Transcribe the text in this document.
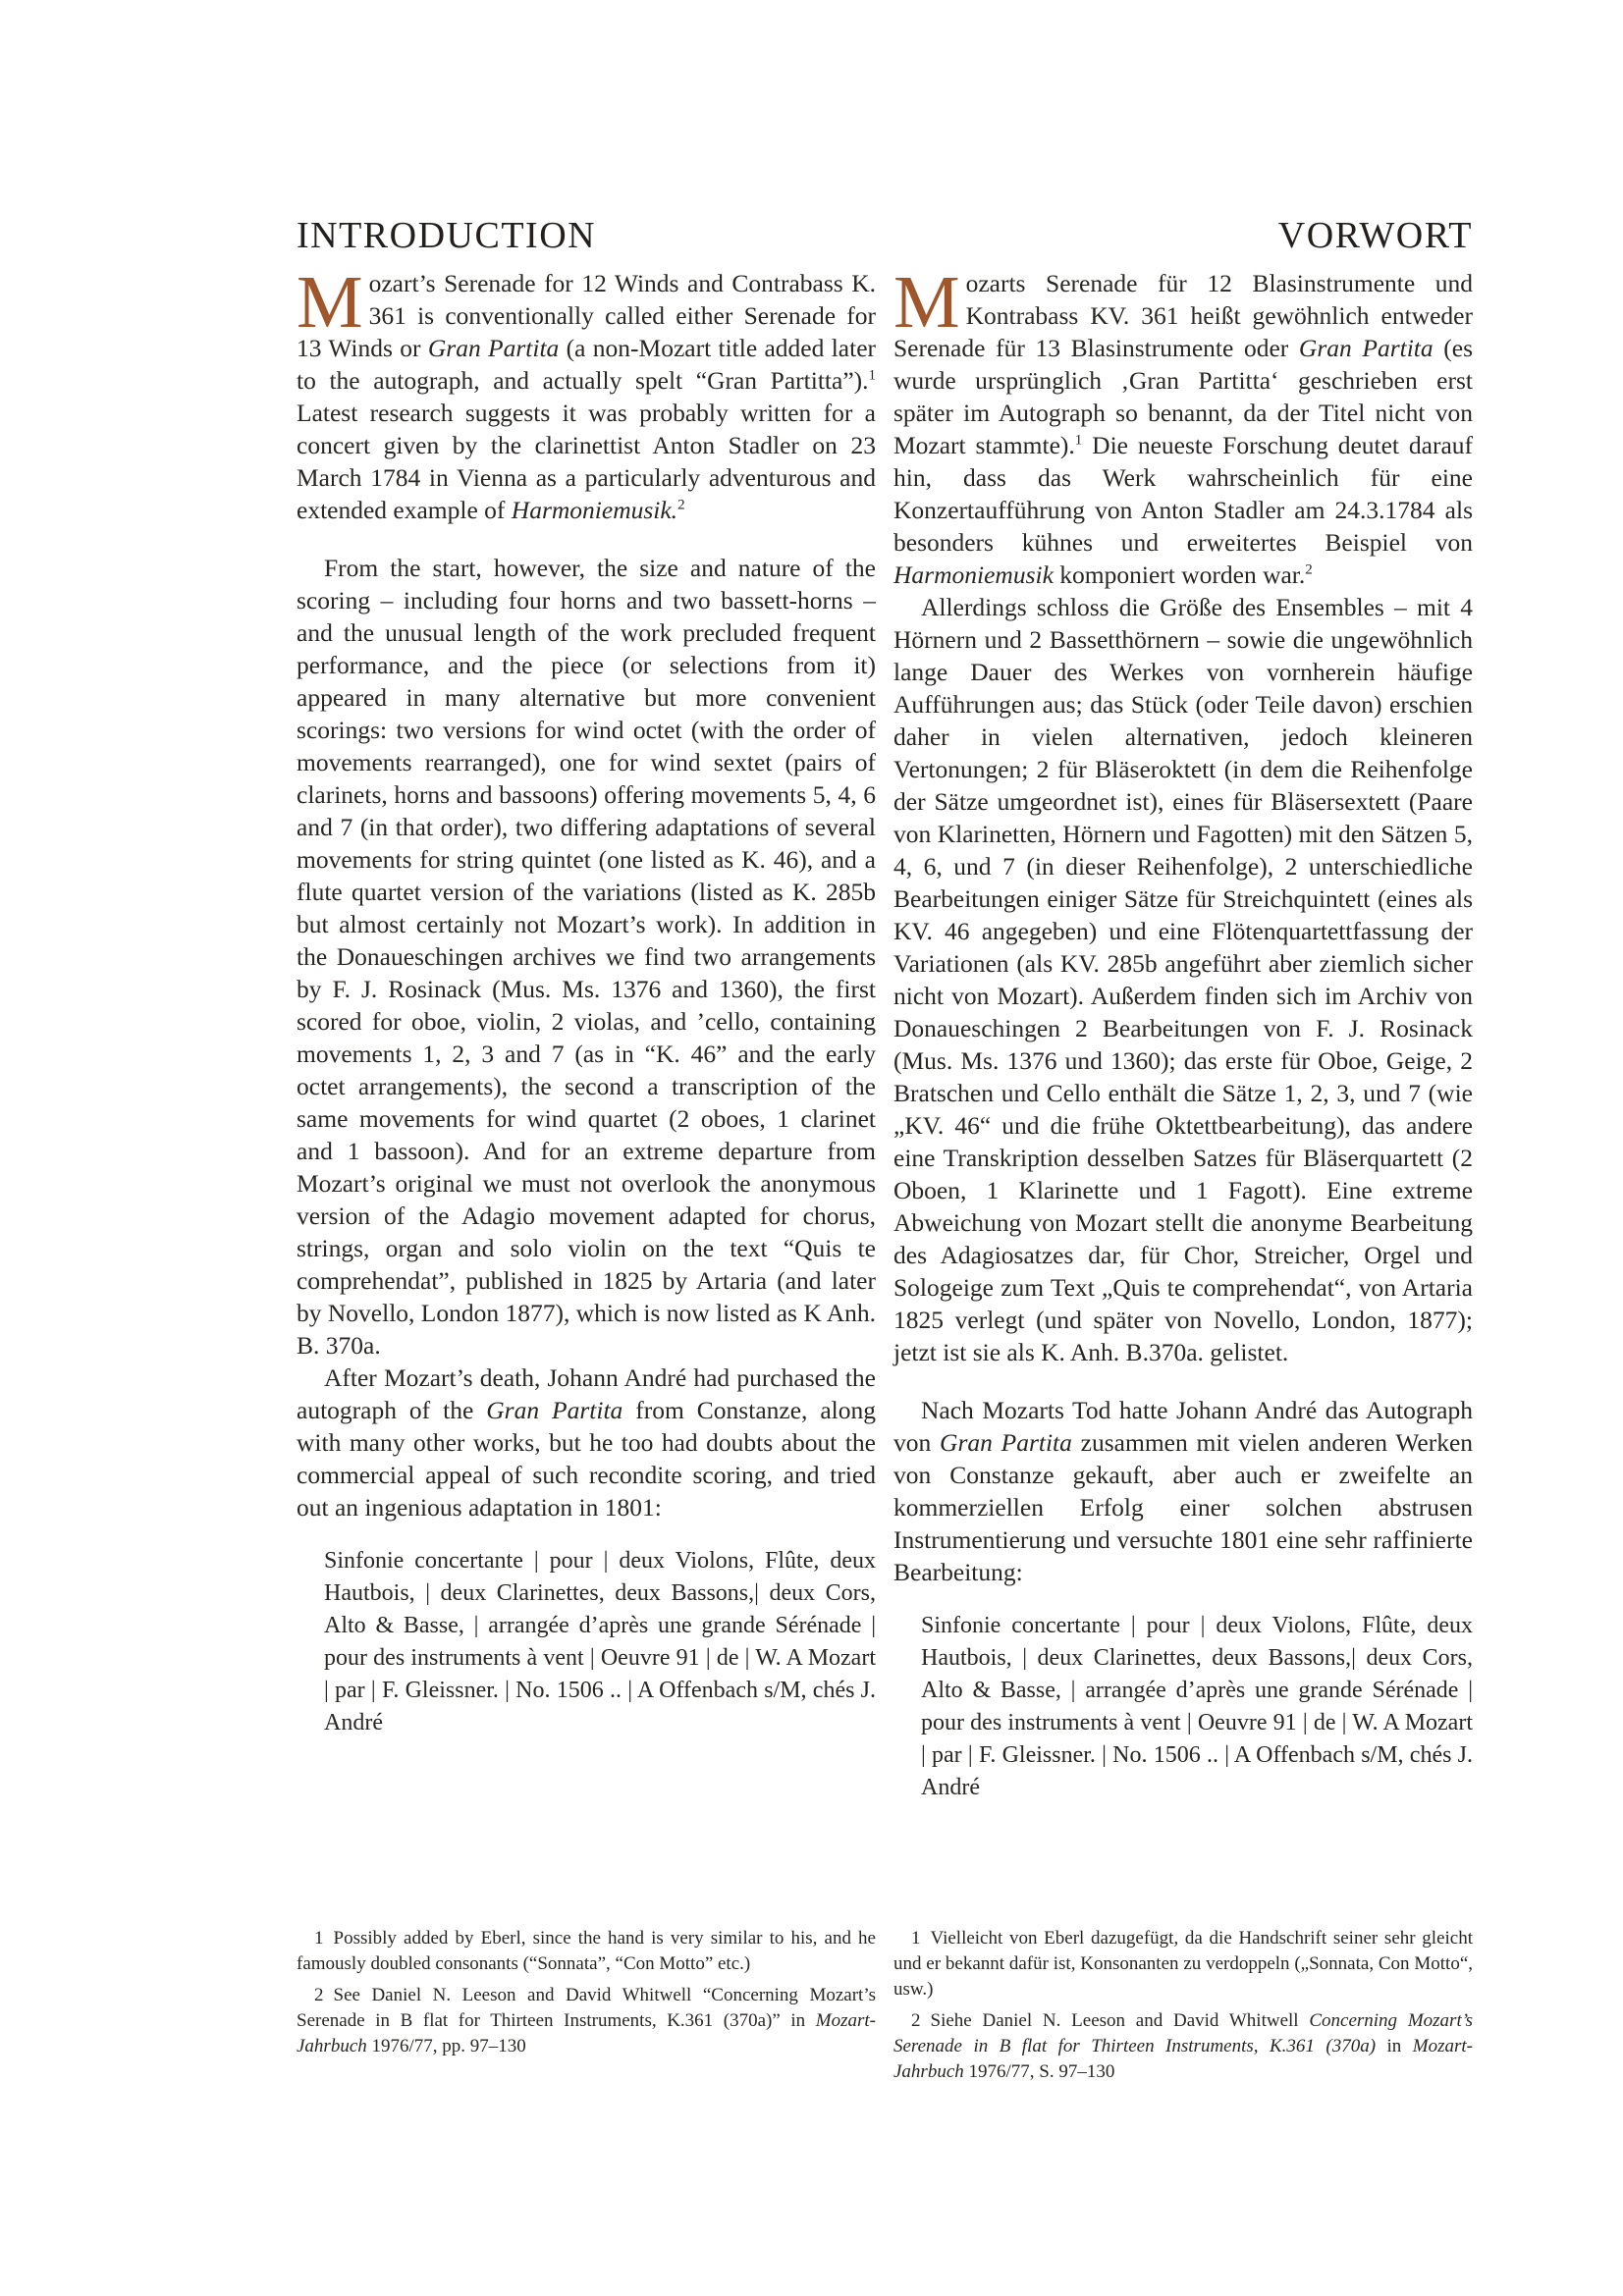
INTRODUCTION

Mozart’s Serenade for 12 Winds and Contrabass K. 361 is conventionally called either Serenade for 13 Winds or Gran Partita (a non-Mozart title added later to the autograph, and actually spelt “Gran Partitta”).$^1$ Latest research suggests it was probably written for a concert given by the clarinettist Anton Stadler on 23 March 1784 in Vienna as a particularly adventurous and extended example of Harmoniemusik.$^2$

From the start, however, the size and nature of the scoring – including four horns and two bassett-horns – and the unusual length of the work precluded frequent performance, and the piece (or selections from it) appeared in many alternative but more convenient scorings: two versions for wind octet (with the order of movements rearranged), one for wind sextet (pairs of clarinets, horns and bassoons) offering movements 5, 4, 6 and 7 (in that order), two differing adaptations of several movements for string quintet (one listed as K. 46), and a flute quartet version of the variations (listed as K. 285b but almost certainly not Mozart’s work). In addition in the Donaueschingen archives we find two arrangements by F. J. Rosinack (Mus. Ms. 1376 and 1360), the first scored for oboe, violin, 2 violas, and ’cello, containing movements 1, 2, 3 and 7 (as in “K. 46” and the early octet arrangements), the second a transcription of the same movements for wind quartet (2 oboes, 1 clarinet and 1 bassoon). And for an extreme departure from Mozart’s original we must not overlook the anonymous version of the Adagio movement adapted for chorus, strings, organ and solo violin on the text “Quis te comprehendat”, published in 1825 by Artaria (and later by Novello, London 1877), which is now listed as K Anh. B. 370a.

After Mozart’s death, Johann André had purchased the autograph of the Gran Partita from Constanze, along with many other works, but he too had doubts about the commercial appeal of such recondite scoring, and tried out an ingenious adaptation in 1801:

Sinfonie concertante | pour | deux Violons, Flûte, deux Hautbois, | deux Clarinettes, deux Bassons,| deux Cors, Alto & Basse, | arrangée d’après une grande Sérénade | pour des instruments à vent | Oeuvre 91 | de | W. A Mozart | par | F. Gleissner. | No. 1506 .. | A Offenbach s/M, chés J. André
VORWORT

Mozarts Serenade für 12 Blasinstrumente und Kontrabass KV. 361 heißt gewöhnlich entweder Serenade für 13 Blasinstrumente oder Gran Partita (es wurde ursprünglich ‚Gran Partitta‘ geschrieben erst später im Autograph so benannt, da der Titel nicht von Mozart stammte).$^1$ Die neueste Forschung deutet darauf hin, dass das Werk wahrscheinlich für eine Konzertaufführung von Anton Stadler am 24.3.1784 als besonders kühnes und erweitertes Beispiel von Harmoniemusik komponiert worden war.$^2$

Allerdings schloss die Größe des Ensembles – mit 4 Hörnern und 2 Bassetthörnern – sowie die ungewöhnlich lange Dauer des Werkes von vornherein häufige Aufführungen aus; das Stück (oder Teile davon) erschien daher in vielen alternativen, jedoch kleineren Vertonungen; 2 für Bläseroktett (in dem die Reihenfolge der Sätze umgeordnet ist), eines für Bläsersextett (Paare von Klarinetten, Hörnern und Fagotten) mit den Sätzen 5, 4, 6, und 7 (in dieser Reihenfolge), 2 unterschiedliche Bearbeitungen einiger Sätze für Streichquintett (eines als KV. 46 angegeben) und eine Flötenquartettfassung der Variationen (als KV. 285b angeführt aber ziemlich sicher nicht von Mozart). Außerdem finden sich im Archiv von Donaueschingen 2 Bearbeitungen von F. J. Rosinack (Mus. Ms. 1376 und 1360); das erste für Oboe, Geige, 2 Bratschen und Cello enthält die Sätze 1, 2, 3, und 7 (wie „KV. 46“ und die frühe Oktettbearbeitung), das andere eine Transkription desselben Satzes für Bläserquartett (2 Oboen, 1 Klarinette und 1 Fagott). Eine extreme Abweichung von Mozart stellt die anonyme Bearbeitung des Adagiosatzes dar, für Chor, Streicher, Orgel und Sologeige zum Text „Quis te comprehendat“, von Artaria 1825 verlegt (und später von Novello, London, 1877); jetzt ist sie als K. Anh. B.370a. gelistet.

Nach Mozarts Tod hatte Johann André das Autograph von Gran Partita zusammen mit vielen anderen Werken von Constanze gekauft, aber auch er zweifelte an kommerziellen Erfolg einer solchen abstrusen Instrumentierung und versuchte 1801 eine sehr raffinierte Bearbeitung:

Sinfonie concertante | pour | deux Violons, Flûte, deux Hautbois, | deux Clarinettes, deux Bassons,| deux Cors, Alto & Basse, | arrangée d’après une grande Sérénade | pour des instruments à vent | Oeuvre 91 | de | W. A Mozart | par | F. Gleissner. | No. 1506 .. | A Offenbach s/M, chés J. André

1 Possibly added by Eberl, since the hand is very similar to his, and he famously doubled consonants (“Sonnata”, “Con Motto” etc.)

2 See Daniel N. Leeson and David Whitwell “Concerning Mozart’s Serenade in B flat for Thirteen Instruments, K.361 (370a)” in Mozart-Jahrbuch 1976/77, pp. 97–130

1 Vielleicht von Eberl dazugefügt, da die Handschrift seiner sehr gleicht und er bekannt dafür ist, Konsonanten zu verdoppeln („Sonnata, Con Motto“, usw.)

2 Siehe Daniel N. Leeson and David Whitwell Concerning Mozart’s Serenade in B flat for Thirteen Instruments, K.361 (370a) in Mozart-Jahrbuch 1976/77, S. 97–130
